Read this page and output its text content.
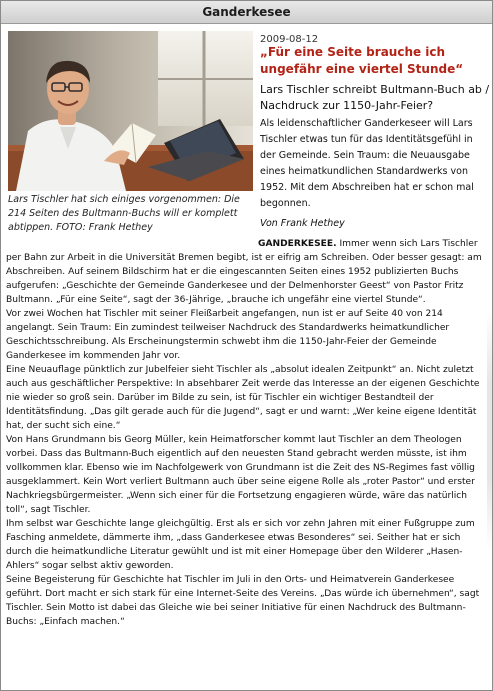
Ganderkesee
Lars Tischler hat sich einiges vorgenommen: Die 214 Seiten des Bultmann-Buchs will er komplett abtippen. FOTO: Frank Hethey
2009-08-12
„Für eine Seite brauche ich ungefähr eine viertel Stunde“
Lars Tischler schreibt Bultmann-Buch ab / Nachdruck zur 1150-Jahr-Feier?
Als leidenschaftlicher Ganderkeseer will Lars Tischler etwas tun für das Identitätsgefühl in der Gemeinde. Sein Traum: die Neuausgabe eines heimatkundlichen Standardwerks von 1952. Mit dem Abschreiben hat er schon mal begonnen.
Von Frank Hethey

GANDERKESEE. Immer wenn sich Lars Tischler per Bahn zur Arbeit in die Universität Bremen begibt, ist er eifrig am Schreiben. Oder besser gesagt: am Abschreiben. Auf seinem Bildschirm hat er die eingescannten Seiten eines 1952 publizierten Buchs aufgerufen: „Geschichte der Gemeinde Ganderkesee und der Delmenhorster Geest“ von Pastor Fritz Bultmann. „Für eine Seite“, sagt der 36-Jährige, „brauche ich ungefähr eine viertel Stunde“.

Vor zwei Wochen hat Tischler mit seiner Fleißarbeit angefangen, nun ist er auf Seite 40 von 214 angelangt. Sein Traum: Ein zumindest teilweiser Nachdruck des Standardwerks heimatkundlicher Geschichtsschreibung. Als Erscheinungstermin schwebt ihm die 1150-Jahr-Feier der Gemeinde Ganderkesee im kommenden Jahr vor.

Eine Neuauflage pünktlich zur Jubelfeier sieht Tischler als „absolut idealen Zeitpunkt“ an. Nicht zuletzt auch aus geschäftlicher Perspektive: In absehbarer Zeit werde das Interesse an der eigenen Geschichte nie wieder so groß sein. Darüber im Bilde zu sein, ist für Tischler ein wichtiger Bestandteil der Identitätsfindung. „Das gilt gerade auch für die Jugend“, sagt er und warnt: „Wer keine eigene Identität hat, der sucht sich eine.“

Von Hans Grundmann bis Georg Müller, kein Heimatforscher kommt laut Tischler an dem Theologen vorbei. Dass das Bultmann-Buch eigentlich auf den neuesten Stand gebracht werden müsste, ist ihm vollkommen klar. Ebenso wie im Nachfolgewerk von Grundmann ist die Zeit des NS-Regimes fast völlig ausgeklammert. Kein Wort verliert Bultmann auch über seine eigene Rolle als „roter Pastor“ und erster Nachkriegsbürgermeister. „Wenn sich einer für die Fortsetzung engagieren würde, wäre das natürlich toll“, sagt Tischler.

Ihm selbst war Geschichte lange gleichgültig. Erst als er sich vor zehn Jahren mit einer Fußgruppe zum Fasching anmeldete, dämmerte ihm, „dass Ganderkesee etwas Besonderes“ sei. Seither hat er sich durch die heimatkundliche Literatur gewühlt und ist mit einer Homepage über den Wilderer „Hasen-Ahlers“ sogar selbst aktiv geworden.

Seine Begeisterung für Geschichte hat Tischler im Juli in den Orts- und Heimatverein Ganderkesee geführt. Dort macht er sich stark für eine Internet-Seite des Vereins. „Das würde ich übernehmen“, sagt Tischler. Sein Motto ist dabei das Gleiche wie bei seiner Initiative für einen Nachdruck des Bultmann-Buchs: „Einfach machen.“
